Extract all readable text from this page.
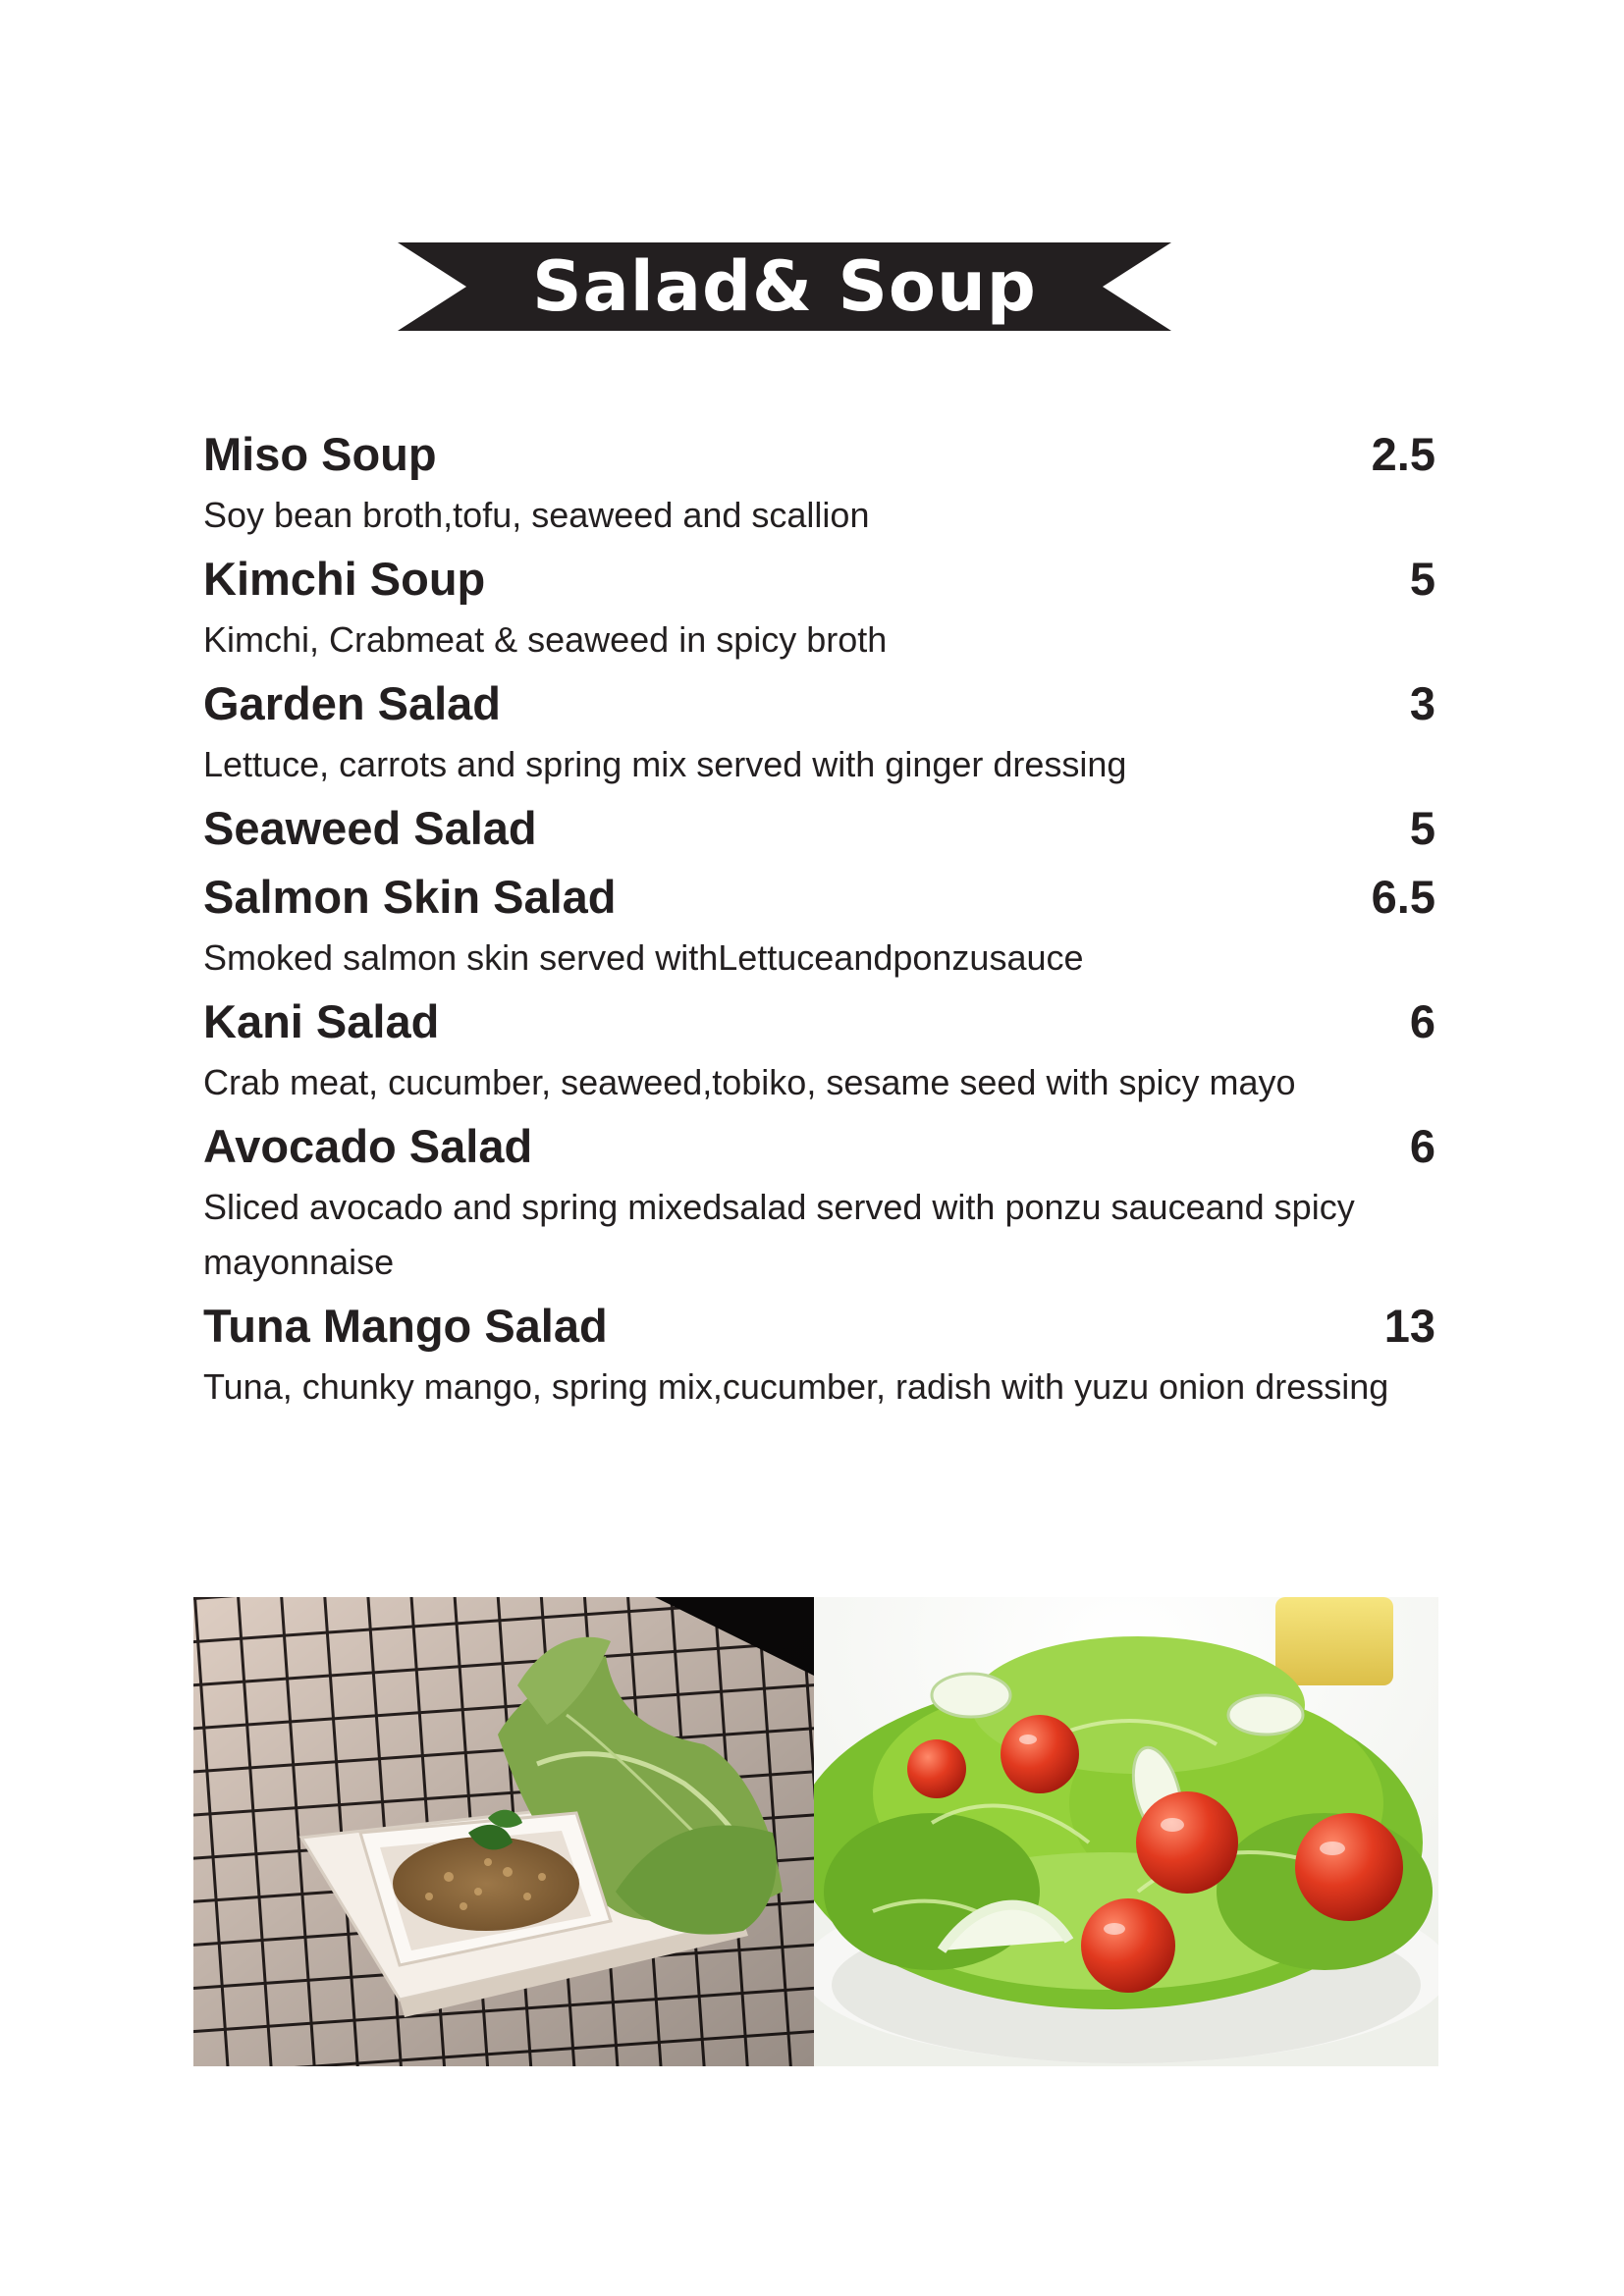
Salad& Soup
Miso Soup	2.5
Soy bean broth,tofu, seaweed and scallion
Kimchi Soup	5
Kimchi, Crabmeat & seaweed in spicy broth
Garden Salad	3
Lettuce, carrots and spring mix served with ginger dressing
Seaweed Salad	5
Salmon Skin Salad	6.5
Smoked salmon skin served withLettuceandponzusauce
Kani Salad	6
Crab meat, cucumber, seaweed,tobiko, sesame seed with spicy mayo
Avocado Salad	6
Sliced avocado and spring mixedsalad served with ponzu sauceand spicy mayonnaise
Tuna Mango Salad	13
Tuna, chunky mango, spring mix,cucumber, radish with yuzu onion dressing
